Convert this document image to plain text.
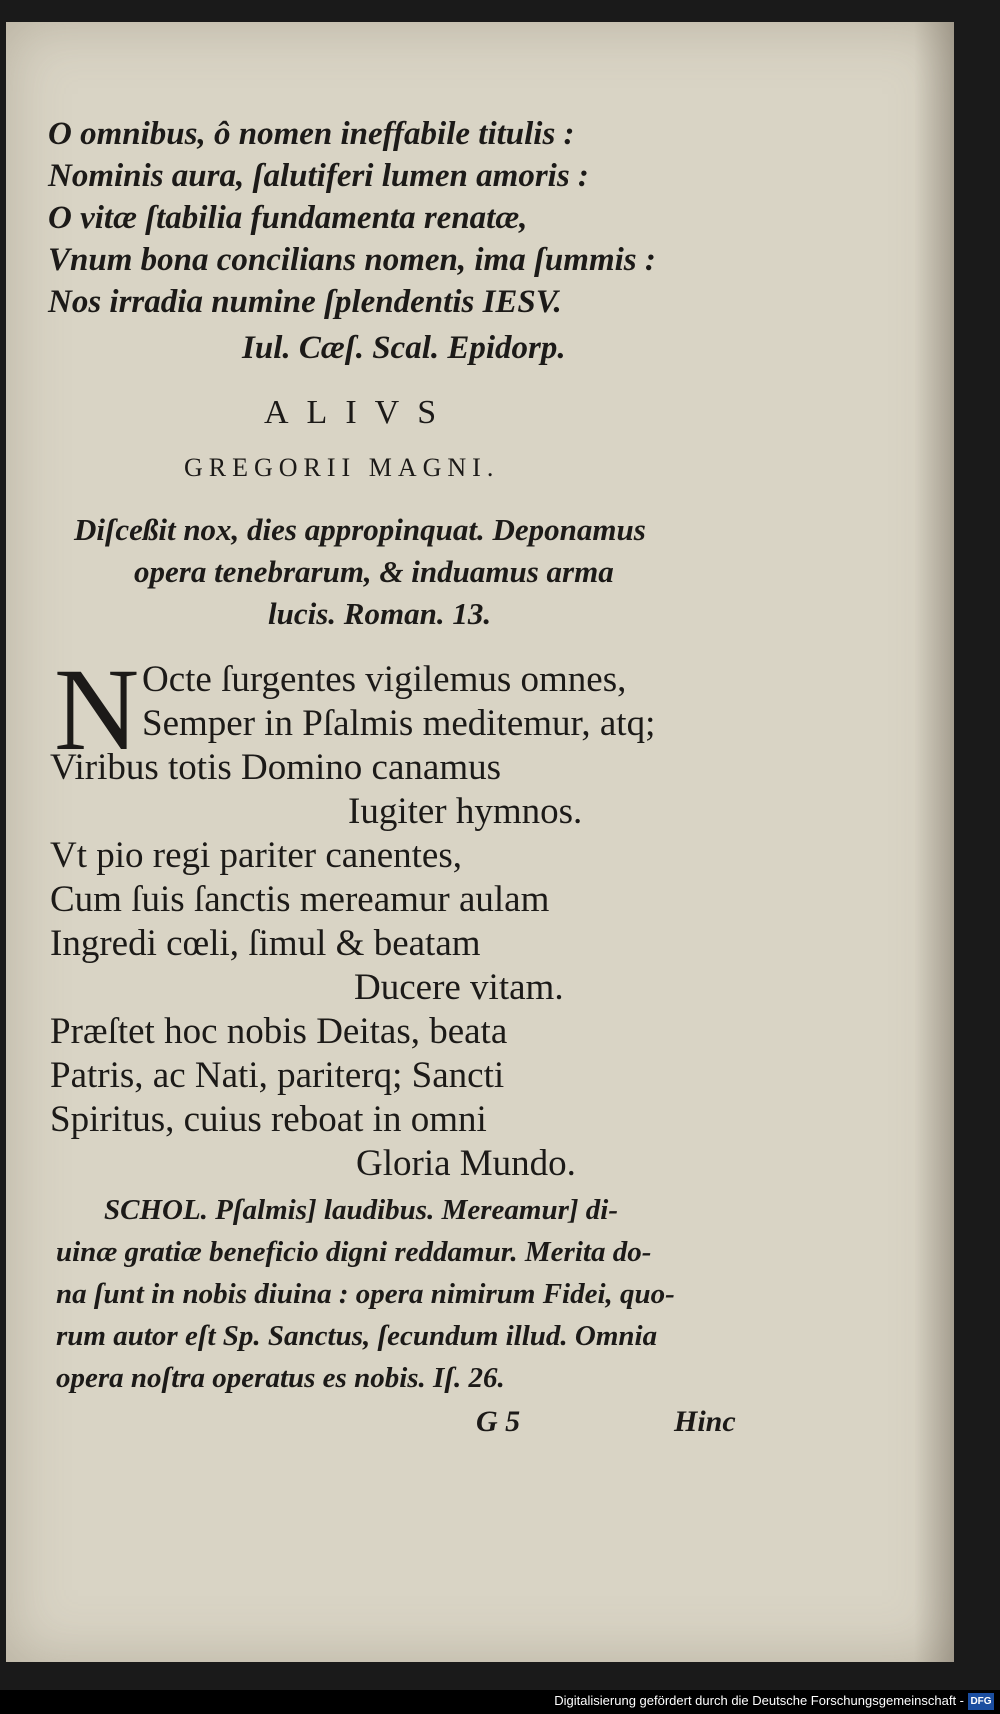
O omnibus, ô nomen ineffabile titulis :
Nominis aura, ſalutiferi lumen amoris :
O vitæ ſtabilia fundamenta renatæ,
Vnum bona concilians nomen, ima ſummis :
Nos irradia numine ſplendentis IESV.
Iul. Cæſ. Scal. Epidorp.
ALIVS
GREGORII MAGNI.
Diſceßit nox, dies appropinquat. Deponamus
opera tenebrarum, & induamus arma
lucis. Roman. 13.
N Octe ſurgentes vigilemus omnes,
Semper in Pſalmis meditemur, atq;
Viribus totis Domino canamus
Iugiter hymnos.
Vt pio regi pariter canentes,
Cum ſuis ſanctis mereamur aulam
Ingredi cœli, ſimul & beatam
Ducere vitam.
Præſtet hoc nobis Deitas, beata
Patris, ac Nati, pariterq; Sancti
Spiritus, cuius reboat in omni
Gloria Mundo.
SCHOL. Pſalmis] laudibus. Mereamur] di-
uinæ gratiæ beneficio digni reddamur. Merita do-
na ſunt in nobis diuina : opera nimirum Fidei, quo-
rum autor eſt Sp. Sanctus, ſecundum illud. Omnia
opera noſtra operatus es nobis. Iſ. 26.
G 5	Hinc
Digitalisierung gefördert durch die Deutsche Forschungsgemeinschaft - DFG
